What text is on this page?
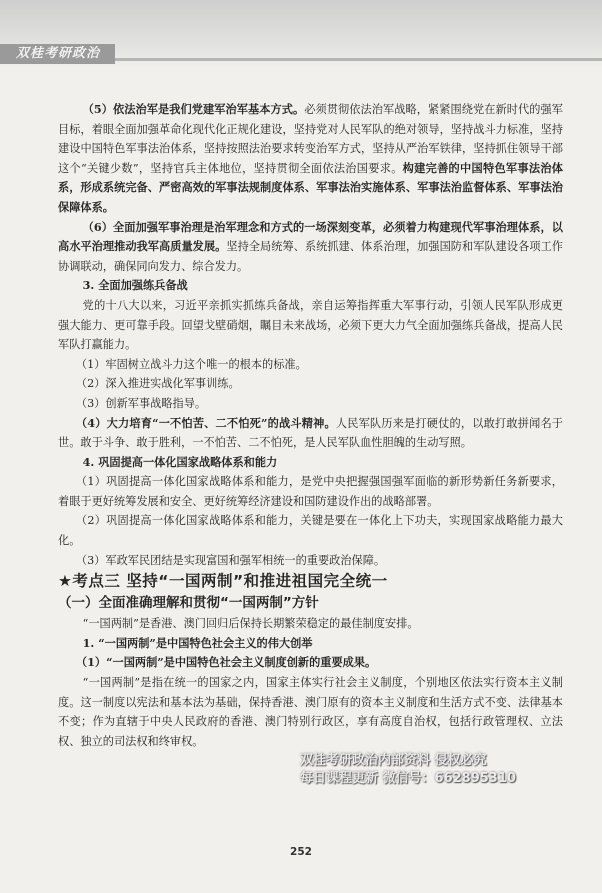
双桂考研政治

（5）依法治军是我们党建军治军基本方式。必须贯彻依法治军战略，紧紧围绕党在新时代的强军目标，着眼全面加强革命化现代化正规化建设，坚持党对人民军队的绝对领导，坚持战斗力标准，坚持建设中国特色军事法治体系，坚持按照法治要求转变治军方式，坚持从严治军铁律，坚持抓住领导干部这个“关键少数”，坚持官兵主体地位，坚持贯彻全面依法治国要求。构建完善的中国特色军事法治体系，形成系统完备、严密高效的军事法规制度体系、军事法治实施体系、军事法治监督体系、军事法治保障体系。

（6）全面加强军事治理是治军理念和方式的一场深刻变革，必须着力构建现代军事治理体系，以高水平治理推动我军高质量发展。坚持全局统筹、系统抓建、体系治理，加强国防和军队建设各项工作协调联动，确保同向发力、综合发力。

3. 全面加强练兵备战

党的十八大以来，习近平亲抓实抓练兵备战，亲自运筹指挥重大军事行动，引领人民军队形成更强大能力、更可靠手段。回望戈壁硝烟，瞩目未来战场，必须下更大力气全面加强练兵备战，提高人民军队打赢能力。

（1）牢固树立战斗力这个唯一的根本的标准。

（2）深入推进实战化军事训练。

（3）创新军事战略指导。

（4）大力培育“一不怕苦、二不怕死”的战斗精神。人民军队历来是打硬仗的，以敢打敢拼闻名于世。敢于斗争、敢于胜利，一不怕苦、二不怕死，是人民军队血性胆魄的生动写照。

4. 巩固提高一体化国家战略体系和能力

（1）巩固提高一体化国家战略体系和能力，是党中央把握强国强军面临的新形势新任务新要求，着眼于更好统筹发展和安全、更好统筹经济建设和国防建设作出的战略部署。

（2）巩固提高一体化国家战略体系和能力，关键是要在一体化上下功夫，实现国家战略能力最大化。

（3）军政军民团结是实现富国和强军相统一的重要政治保障。

★考点三 坚持“一国两制”和推进祖国完全统一

（一）全面准确理解和贯彻“一国两制”方针

“一国两制”是香港、澳门回归后保持长期繁荣稳定的最佳制度安排。

1. “一国两制”是中国特色社会主义的伟大创举

（1）“一国两制”是中国特色社会主义制度创新的重要成果。

“一国两制”是指在统一的国家之内，国家主体实行社会主义制度，个别地区依法实行资本主义制度。这一制度以宪法和基本法为基础，保持香港、澳门原有的资本主义制度和生活方式不变、法律基本不变；作为直辖于中央人民政府的香港、澳门特别行政区，享有高度自治权，包括行政管理权、立法权、独立的司法权和终审权。

双桂考研政治内部资料 侵权必究
每日课程更新 微信号：662895310
252
